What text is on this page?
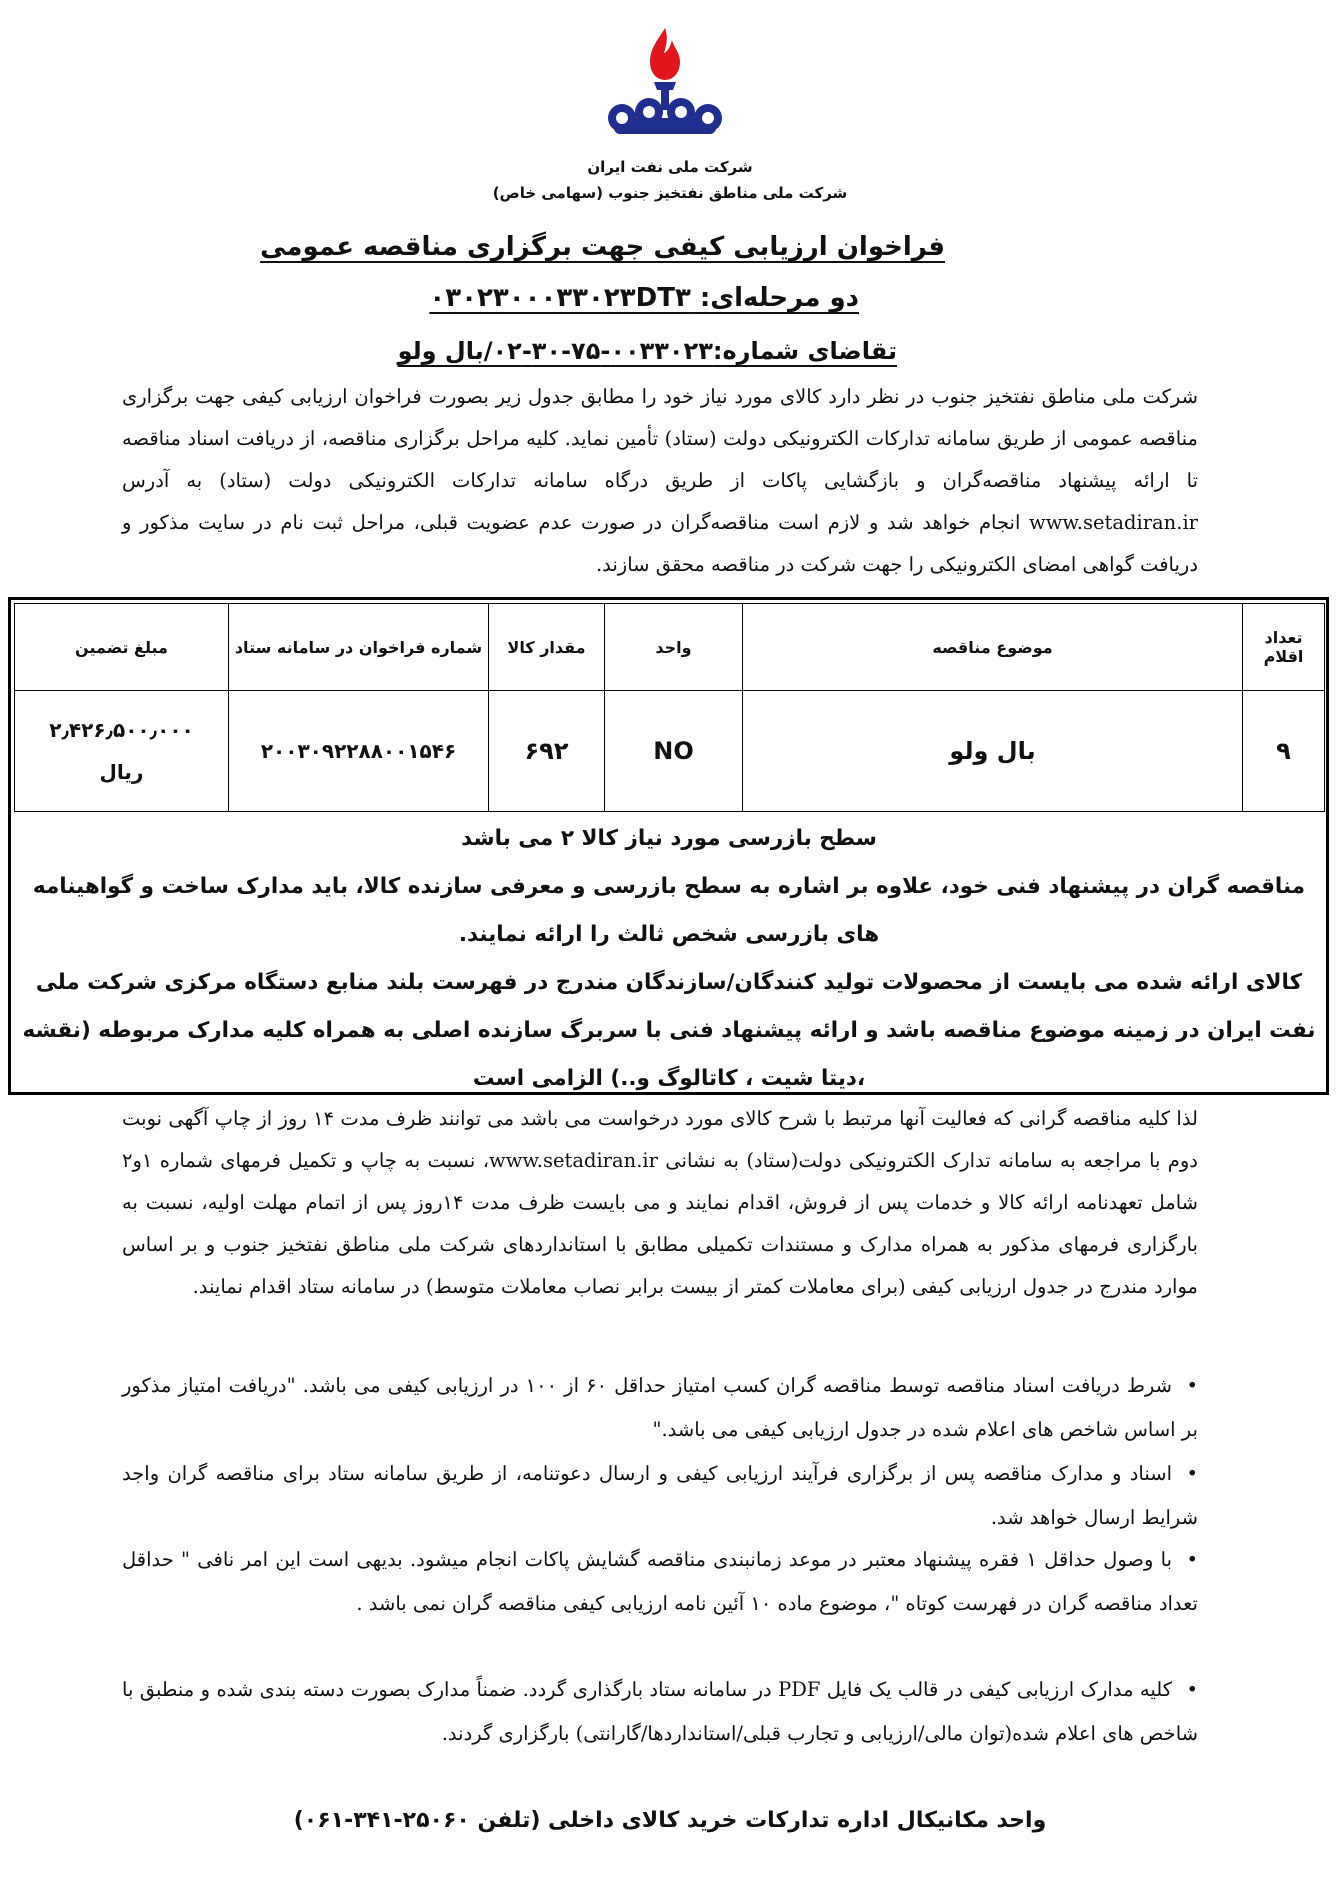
شرکت ملی نفت ایران
شرکت ملی مناطق نفتخیز جنوب (سهامی خاص)
فراخوان ارزیابی کیفی جهت برگزاری مناقصه عمومی
دو مرحله‌ای: ۰۳۰۲۳۰۰۰۳۳۰۲۳DT۳
تقاضای شماره:۰۰۳۳۰۲۳-۷۵-۳۰-۰۲/بال ولو
شرکت ملی مناطق نفتخیز جنوب در نظر دارد کالای مورد نیاز خود را مطابق جدول زیر بصورت فراخوان ارزیابی کیفی جهت برگزاری مناقصه عمومی از طریق سامانه تدارکات الکترونیکی دولت (ستاد) تأمین نماید. کلیه مراحل برگزاری مناقصه، از دریافت اسناد مناقصه تا ارائه پیشنهاد مناقصه‌گران و بازگشایی پاکات از طریق درگاه سامانه تدارکات الکترونیکی دولت (ستاد) به آدرس www.setadiran.ir انجام خواهد شد و لازم است مناقصه‌گران در صورت عدم عضویت قبلی، مراحل ثبت نام در سایت مذکور و دریافت گواهی امضای الکترونیکی را جهت شرکت در مناقصه محقق سازند.
تعداد اقلام	موضوع مناقصه	واحد	مقدار کالا	شماره فراخوان در سامانه ستاد	مبلغ تضمین
۹	بال ولو	NO	۶۹۲	۲۰۰۳۰۹۲۲۸۸۰۰۱۵۴۶	۲٫۴۲۶٫۵۰۰٫۰۰۰
ریال

سطح بازرسی مورد نیاز کالا ۲ می باشد

مناقصه گران در پیشنهاد فنی خود، علاوه بر اشاره به سطح بازرسی و معرفی سازنده کالا، باید مدارک ساخت و گواهینامه های بازرسی شخص ثالث را ارائه نمایند.

کالای ارائه شده می بایست از محصولات تولید کنندگان/سازندگان مندرج در فهرست بلند منابع دستگاه مرکزی شرکت ملی نفت ایران در زمینه موضوع مناقصه باشد و ارائه پیشنهاد فنی با سربرگ سازنده اصلی به همراه کلیه مدارک مربوطه (نقشه ،دیتا شیت ، کاتالوگ و..) الزامی است

لذا کلیه مناقصه گرانی که فعالیت آنها مرتبط با شرح کالای مورد درخواست می باشد می توانند ظرف مدت ۱۴ روز از چاپ آگهی نوبت دوم با مراجعه به سامانه تدارک الکترونیکی دولت(ستاد) به نشانی www.setadiran.ir، نسبت به چاپ و تکمیل فرمهای شماره ۱و۲ شامل تعهدنامه ارائه کالا و خدمات پس از فروش، اقدام نمایند و می بایست ظرف مدت ۱۴روز پس از اتمام مهلت اولیه، نسبت به بارگزاری فرمهای مذکور به همراه مدارک و مستندات تکمیلی مطابق با استانداردهای شرکت ملی مناطق نفتخیز جنوب و بر اساس موارد مندرج در جدول ارزیابی کیفی (برای معاملات کمتر از بیست برابر نصاب معاملات متوسط) در سامانه ستاد اقدام نمایند.
•شرط دریافت اسناد مناقصه توسط مناقصه گران کسب امتیاز حداقل ۶۰ از ۱۰۰ در ارزیابی کیفی می باشد. "دریافت امتیاز مذکور بر اساس شاخص های اعلام شده در جدول ارزیابی کیفی می باشد."
•اسناد و مدارک مناقصه پس از برگزاری فرآیند ارزیابی کیفی و ارسال دعوتنامه، از طریق سامانه ستاد برای مناقصه گران واجد شرایط ارسال خواهد شد.
•با وصول حداقل ۱ فقره پیشنهاد معتبر در موعد زمانبندی مناقصه گشایش پاکات انجام میشود. بدیهی است این امر نافی " حداقل تعداد مناقصه گران در فهرست کوتاه "، موضوع ماده ۱۰ آئین نامه ارزیابی کیفی مناقصه گران نمی باشد .
•کلیه مدارک ارزیابی کیفی در قالب یک فایل PDF در سامانه ستاد بارگذاری گردد. ضمناً مدارک بصورت دسته بندی شده و منطبق با شاخص های اعلام شده(توان مالی/ارزیابی و تجارب قبلی/استانداردها/گارانتی) بارگزاری گردند.
واحد مکانیکال اداره تدارکات خرید کالای داخلی (تلفن ۲۵۰۶۰-۳۴۱-۰۶۱)
